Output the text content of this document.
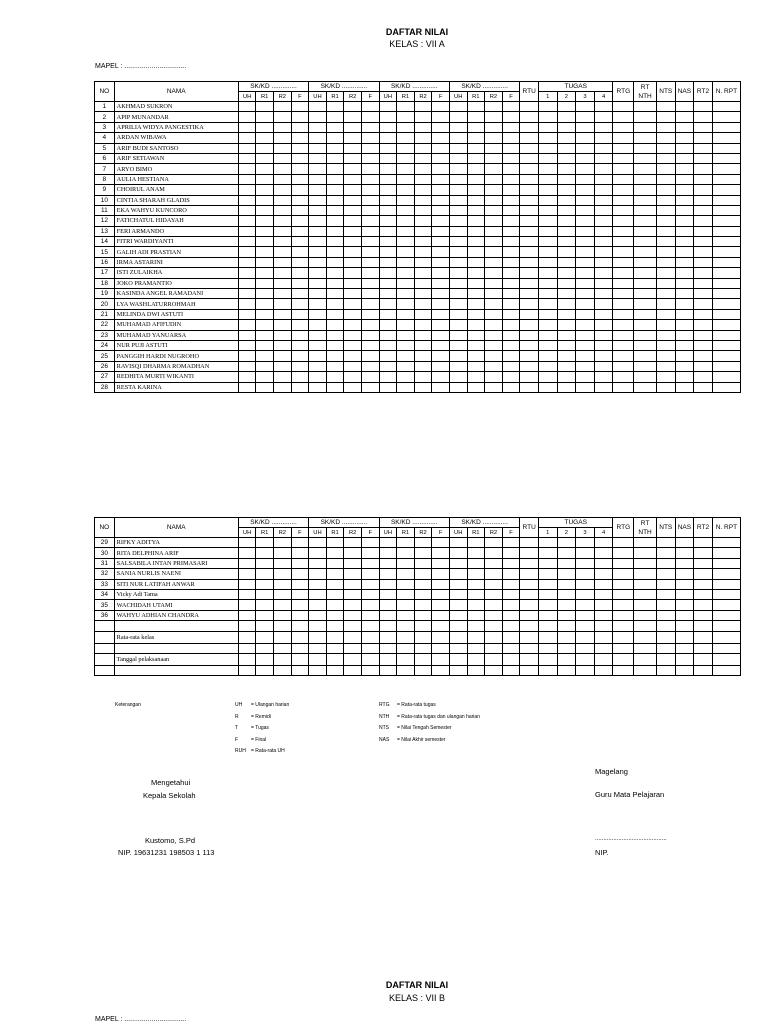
DAFTAR NILAI
KELAS : VII A
MAPEL : ................................
NO	NAMA	SK/KD ..............				SK/KD ..............				SK/KD ..............				SK/KD ..............				RTU	TUGAS				RTG	RT NTH	NTS	NAS	RT2	N. RPT
		UH	R1	R2	F	UH	R1	R2	F	UH	R1	R2	F	UH	R1	R2	F		1	2	3	4						
1	AKHMAD SUKRON																											
2	APIP MUNANDAR																											
3	APRILIA WIDYA PANGESTIKA																											
4	ARDAN WIBAWA																											
5	ARIF BUDI SANTOSO																											
6	ARIF SETIAWAN																											
7	ARYO BIMO																											
8	AULIA HESTIANA																											
9	CHOIRUL ANAM																											
10	CINTIA SHARAH GLADIS																											
11	EKA WAHYU KUNCORO																											
12	FATICHATUL HIDAYAH																											
13	FERI ARMANDO																											
14	FITRI WARDIYANTI																											
15	GALIH ADI PRASTIAN																											
16	IRMA ASTARINI																											
17	ISTI ZULAIKHA																											
18	JOKO PRAMANTIO																											
19	KASINDA ANGEL RAMADANI																											
20	LYA WASHLATURROHMAH																											
21	MELINDA DWI ASTUTI																											
22	MUHAMAD AFIFUDIN																											
23	MUHAMAD YANUARSA																											
24	NUR PUJI ASTUTI																											
25	PANGGIH HARDI NUGROHO																											
26	RAVISQI DHARMA ROMADHAN																											
27	REDHITA MURTI WIKANTI																											
28	RESTA KARINA																											
NO	NAMA	SK/KD ..............				SK/KD ..............				SK/KD ..............				SK/KD ..............				RTU	TUGAS				RTG	RT NTH	NTS	NAS	RT2	N. RPT
		UH	R1	R2	F	UH	R1	R2	F	UH	R1	R2	F	UH	R1	R2	F		1	2	3	4						
29	RIFKY ADITYA																											
30	RITA DELPHINA ARIF																											
31	SALSABILA INTAN PRIMASARI																											
32	SANIA NURLIS NAENI																											
33	SITI NUR LATIFAH ANWAR																											
34	Vicky Adi Tama																											
35	WACHIDAH UTAMI																											
36	WAHYU ADHIAN CHANDRA																											

	Rata-rata kelas																											

	Tanggal pelaksanaan																											

Keterangan	UH = Ulangan harian
R = Remidi
T	= Tugas
F	= Final
RUH = Rata-rata UH
RTG = Rata-rata tugas
NTH = Rata-rata tugas dan ulangan harian
NTS = Nilai Tengah Semester
NAS = Nilai Akhir semester
Mengetahui
Kepala Sekolah
Kustomo, S.Pd
NIP. 19631231 198503 1 113
Magelang
Guru Mata Pelajaran
...........................................
NIP.
DAFTAR NILAI
KELAS : VII B
MAPEL : ................................
